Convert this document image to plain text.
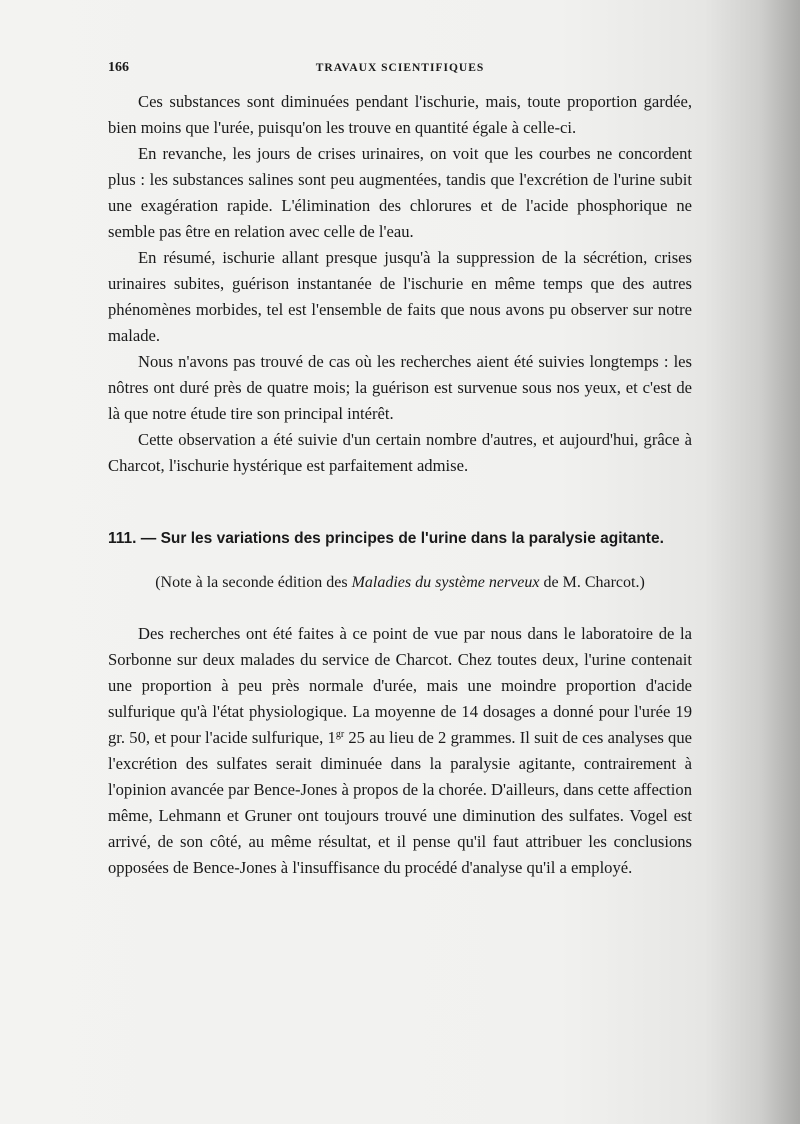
166	TRAVAUX SCIENTIFIQUES

Ces substances sont diminuées pendant l'ischurie, mais, toute proportion gardée, bien moins que l'urée, puisqu'on les trouve en quantité égale à celle-ci.

En revanche, les jours de crises urinaires, on voit que les courbes ne concordent plus : les substances salines sont peu augmentées, tandis que l'excrétion de l'urine subit une exagération rapide. L'élimination des chlorures et de l'acide phosphorique ne semble pas être en relation avec celle de l'eau.

En résumé, ischurie allant presque jusqu'à la suppression de la sécrétion, crises urinaires subites, guérison instantanée de l'ischurie en même temps que des autres phénomènes morbides, tel est l'ensemble de faits que nous avons pu observer sur notre malade.

Nous n'avons pas trouvé de cas où les recherches aient été suivies longtemps : les nôtres ont duré près de quatre mois; la guérison est survenue sous nos yeux, et c'est de là que notre étude tire son principal intérêt.

Cette observation a été suivie d'un certain nombre d'autres, et aujourd'hui, grâce à Charcot, l'ischurie hystérique est parfaitement admise.

111. — Sur les variations des principes de l'urine dans la paralysie agitante.

(Note à la seconde édition des Maladies du système nerveux de M. Charcot.)

Des recherches ont été faites à ce point de vue par nous dans le laboratoire de la Sorbonne sur deux malades du service de Charcot. Chez toutes deux, l'urine contenait une proportion à peu près normale d'urée, mais une moindre proportion d'acide sulfurique qu'à l'état physiologique. La moyenne de 14 dosages a donné pour l'urée 19 gr. 50, et pour l'acide sulfurique, $1^{gr}$ 25 au lieu de 2 grammes. Il suit de ces analyses que l'excrétion des sulfates serait diminuée dans la paralysie agitante, contrairement à l'opinion avancée par Bence-Jones à propos de la chorée. D'ailleurs, dans cette affection même, Lehmann et Gruner ont toujours trouvé une diminution des sulfates. Vogel est arrivé, de son côté, au même résultat, et il pense qu'il faut attribuer les conclusions opposées de Bence-Jones à l'insuffisance du procédé d'analyse qu'il a employé.
